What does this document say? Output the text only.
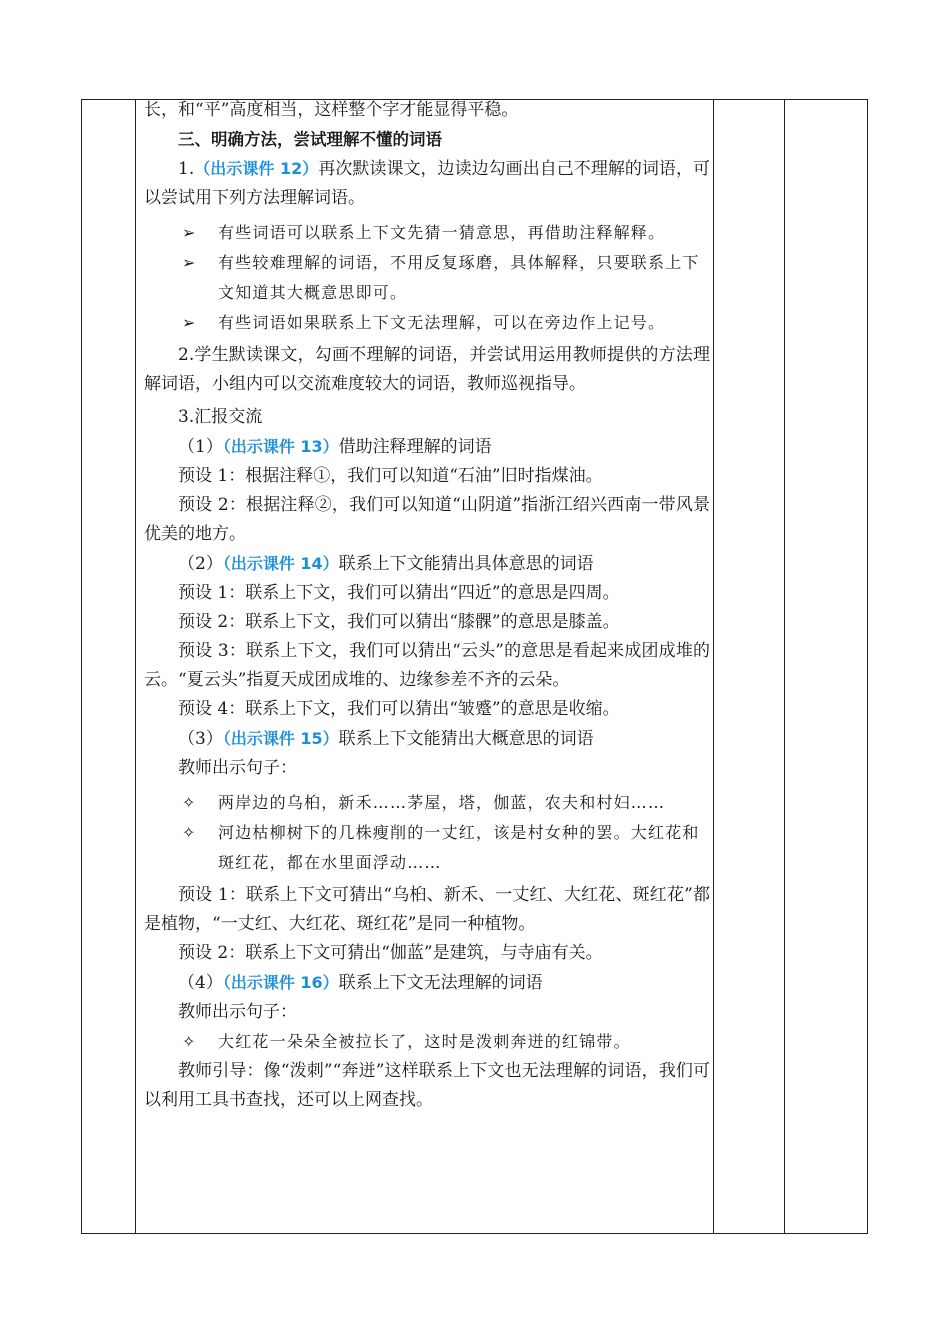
长，和“平”高度相当，这样整个字才能显得平稳。

三、明确方法，尝试理解不懂的词语

1.（出示课件 12）再次默读课文，边读边勾画出自己不理解的词语，可以尝试用下列方法理解词语。

➢ 有些词语可以联系上下文先猜一猜意思，再借助注释解释。

➢ 有些较难理解的词语，不用反复琢磨，具体解释，只要联系上下文知道其大概意思即可。

➢ 有些词语如果联系上下文无法理解，可以在旁边作上记号。

2.学生默读课文，勾画不理解的词语，并尝试用运用教师提供的方法理解词语，小组内可以交流难度较大的词语，教师巡视指导。

3.汇报交流

（1）（出示课件 13）借助注释理解的词语

预设 1：根据注释①，我们可以知道“石油”旧时指煤油。

预设 2：根据注释②，我们可以知道“山阴道”指浙江绍兴西南一带风景优美的地方。

（2）（出示课件 14）联系上下文能猜出具体意思的词语

预设 1：联系上下文，我们可以猜出“四近”的意思是四周。

预设 2：联系上下文，我们可以猜出“膝髁”的意思是膝盖。

预设 3：联系上下文，我们可以猜出“云头”的意思是看起来成团成堆的云。“夏云头”指夏天成团成堆的、边缘参差不齐的云朵。

预设 4：联系上下文，我们可以猜出“皱蹙”的意思是收缩。

（3）（出示课件 15）联系上下文能猜出大概意思的词语

教师出示句子：

✧ 两岸边的乌桕，新禾……茅屋，塔，伽蓝，农夫和村妇……

✧ 河边枯柳树下的几株瘦削的一丈红，该是村女种的罢。大红花和斑红花，都在水里面浮动……

预设 1：联系上下文可猜出“乌桕、新禾、一丈红、大红花、斑红花”都是植物，“一丈红、大红花、斑红花”是同一种植物。

预设 2：联系上下文可猜出“伽蓝”是建筑，与寺庙有关。

（4）（出示课件 16）联系上下文无法理解的词语

教师出示句子：

✧ 大红花一朵朵全被拉长了，这时是泼刺奔迸的红锦带。

教师引导：像“泼刺”“奔迸”这样联系上下文也无法理解的词语，我们可以利用工具书查找，还可以上网查找。
